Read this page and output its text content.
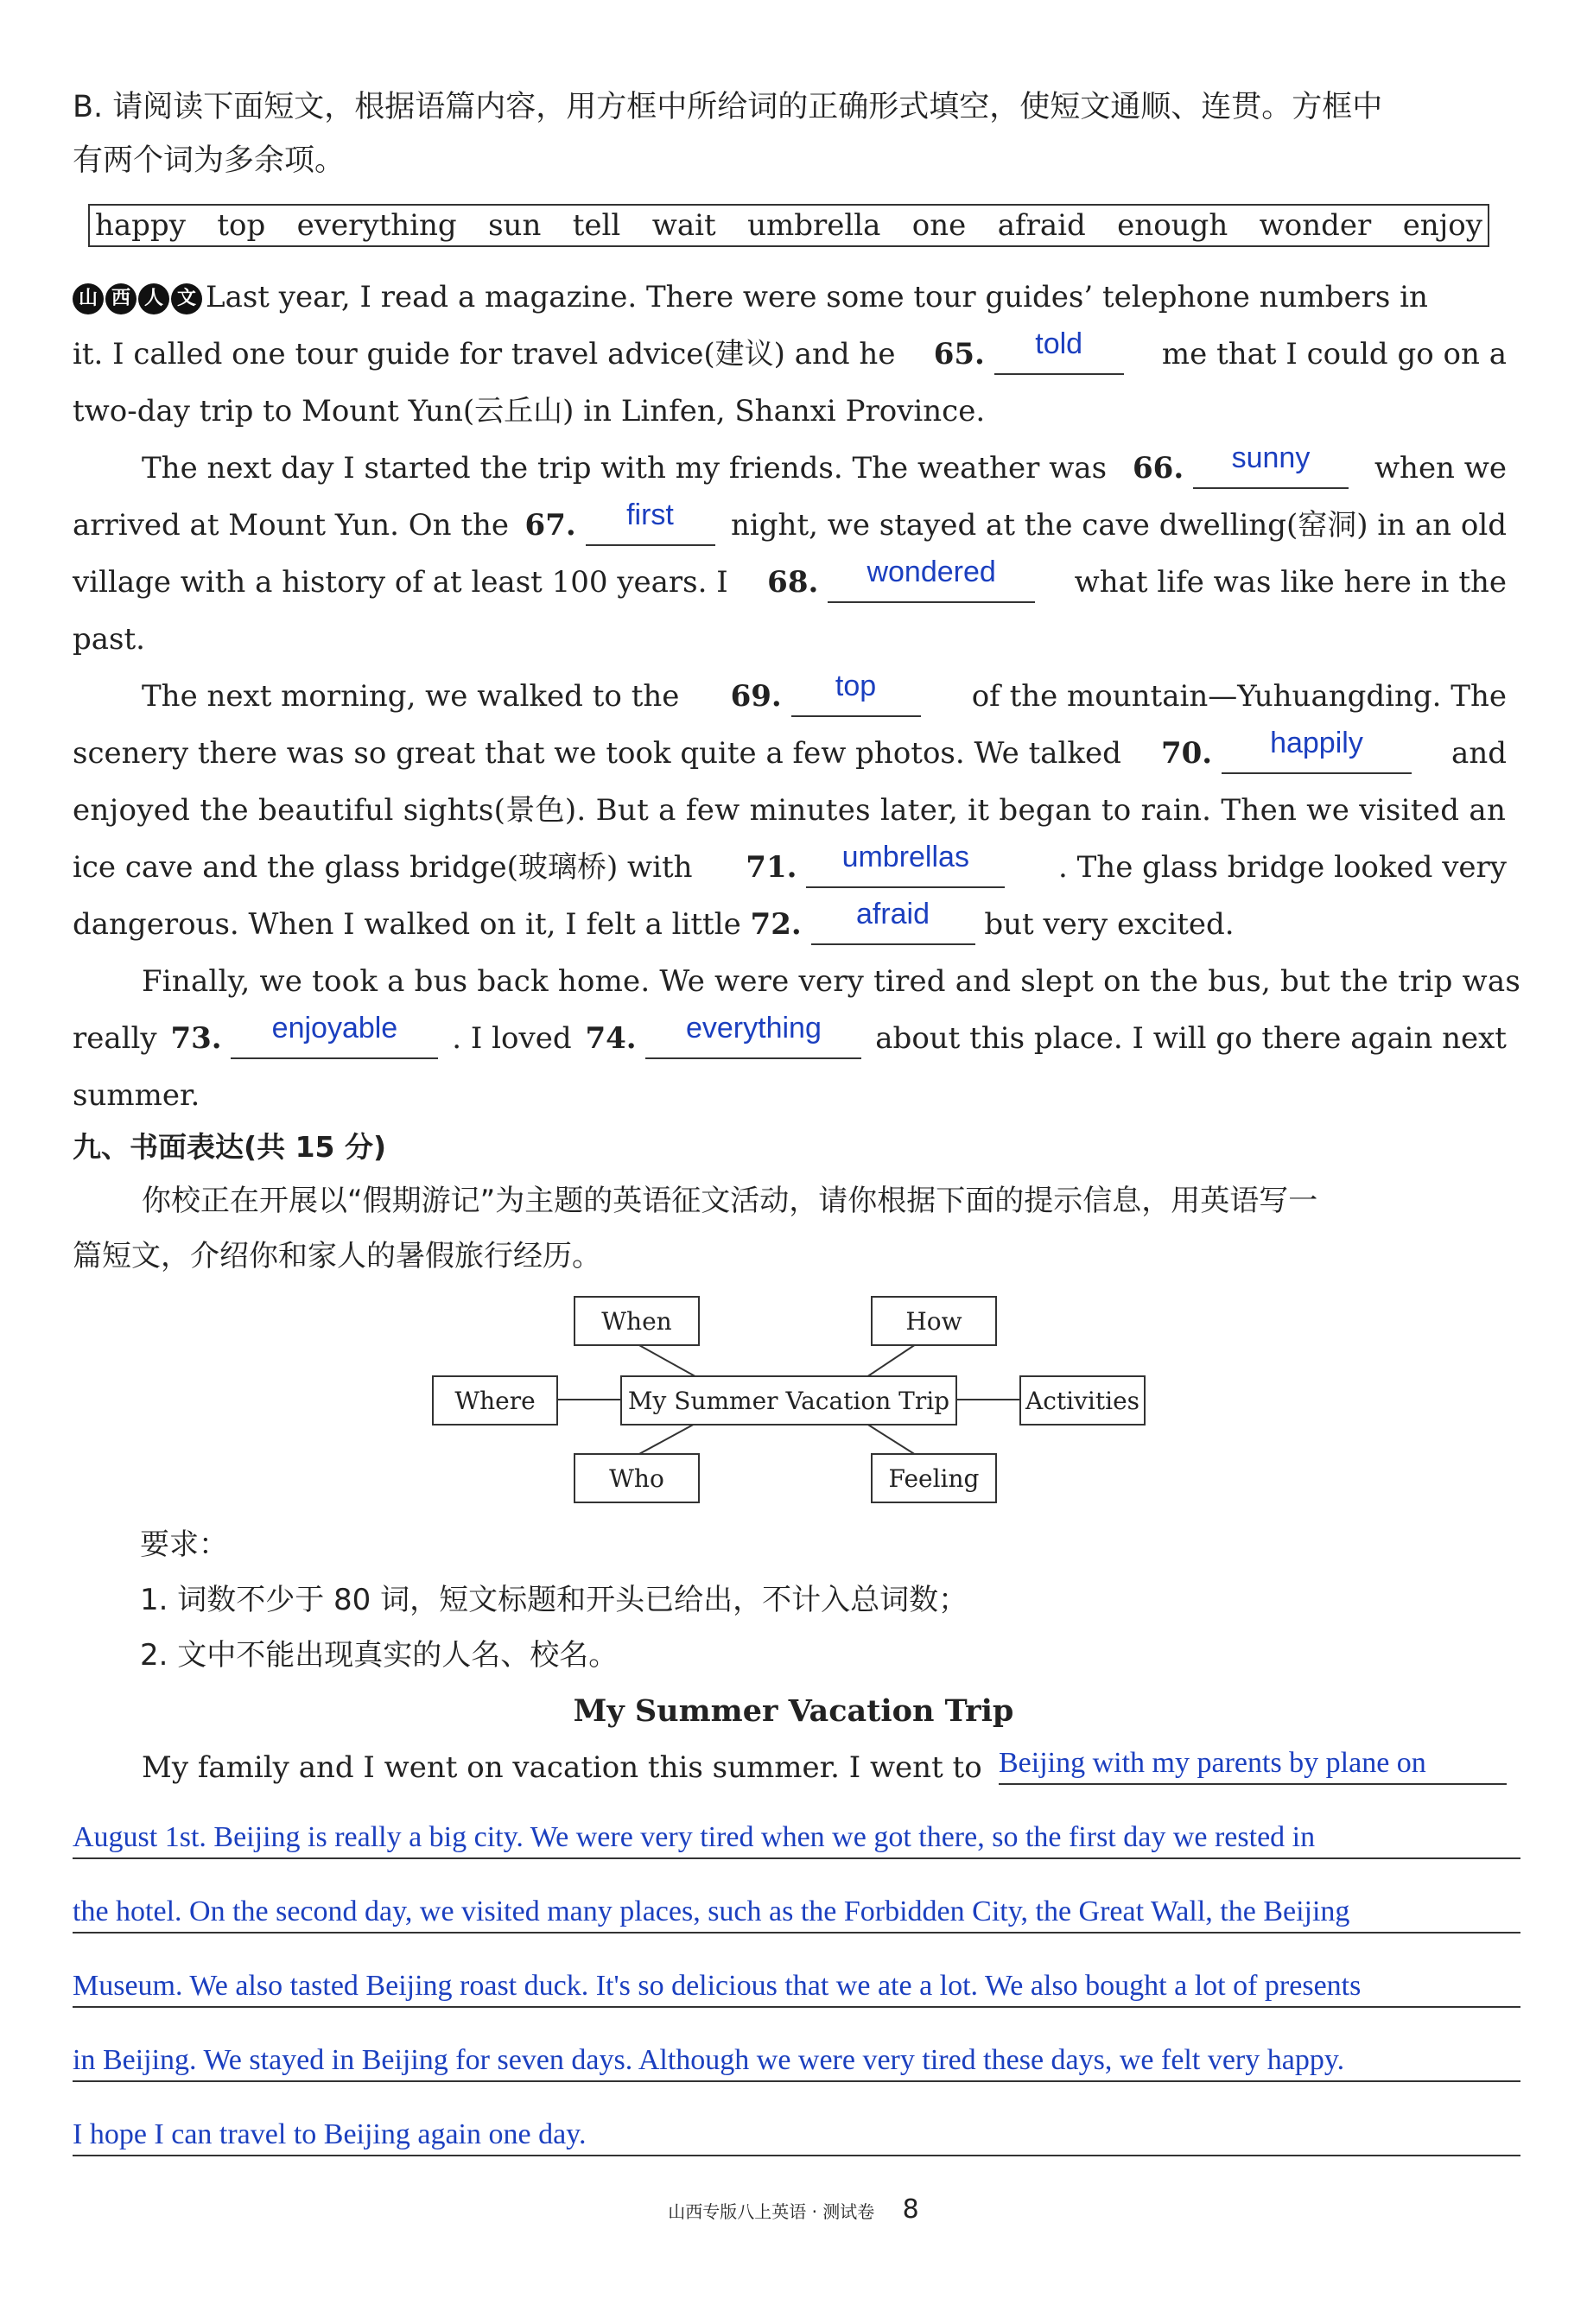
B. 请阅读下面短文，根据语篇内容，用方框中所给词的正确形式填空，使短文通顺、连贯。方框中
有两个词为多余项。
happy top everything sun tell wait umbrella one afraid enough wonder enjoy
山 西 人 文 Last year, I read a magazine. There were some tour guides’ telephone numbers in
it. I called one tour guide for travel advice(建议) and he 65. told	me that I could go on a
two-day trip to Mount Yun(云丘山) in Linfen, Shanxi Province.
The next day I started the trip with my friends. The weather was 66. sunny	when we
arrived at Mount Yun. On the 67. first	night, we stayed at the cave dwelling(窑洞) in an old
village with a history of at least 100 years. I 68. wondered	what life was like here in the
past.
The next morning, we walked to the 69. top	of the mountain—Yuhuangding. The
scenery there was so great that we took quite a few photos. We talked 70. happily	and
enjoyed the beautiful sights(景色). But a few minutes later, it began to rain. Then we visited an
ice cave and the glass bridge(玻璃桥) with 71. umbrellas	. The glass bridge looked very
dangerous. When I walked on it, I felt a little 72. afraid but very excited.
Finally, we took a bus back home. We were very tired and slept on the bus, but the trip was
really 73. enjoyable	. I loved 74. everything	about this place. I will go there again next
summer.
九、书面表达(共 15 分)
你校正在开展以“假期游记”为主题的英语征文活动，请你根据下面的提示信息，用英语写一
篇短文，介绍你和家人的暑假旅行经历。
When	How
Where	My Summer Vacation Trip	Activities
Who	Feeling
要求：
1. 词数不少于 80 词，短文标题和开头已给出，不计入总词数；
2. 文中不能出现真实的人名、校名。
My Summer Vacation Trip
My family and I went on vacation this summer. I went to Beijing with my parents by plane on
August 1st. Beijing is really a big city. We were very tired when we got there, so the first day we rested in
the hotel. On the second day, we visited many places, such as the Forbidden City, the Great Wall, the Beijing
Museum. We also tasted Beijing roast duck. It's so delicious that we ate a lot. We also bought a lot of presents
in Beijing. We stayed in Beijing for seven days. Although we were very tired these days, we felt very happy.
I hope I can travel to Beijing again one day.
山西专版八上英语 · 测试卷 8
